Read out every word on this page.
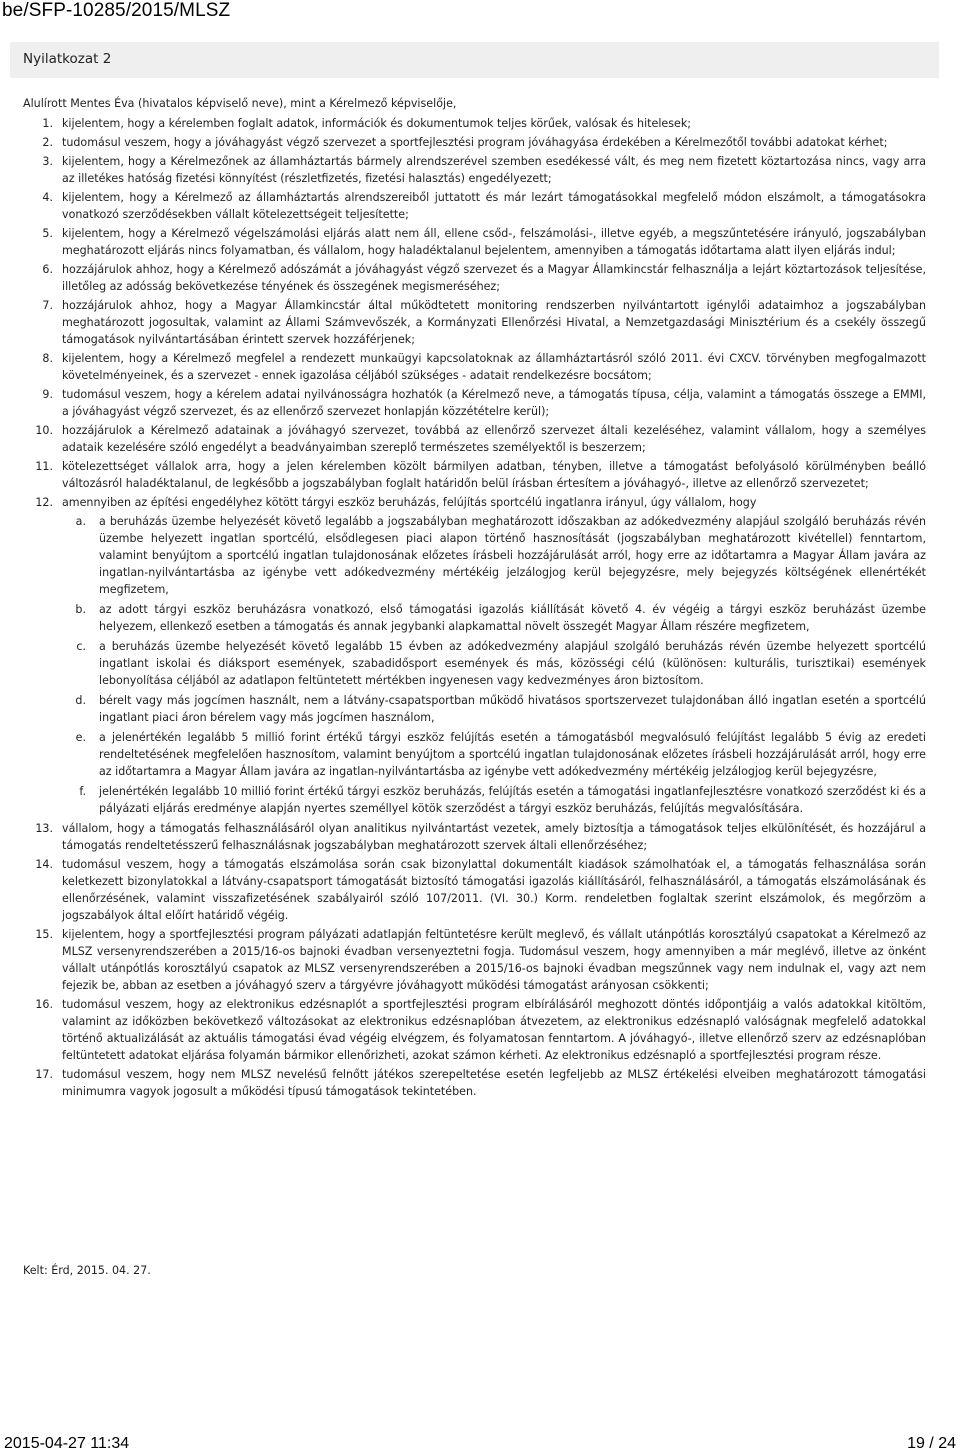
be/SFP-10285/2015/MLSZ
Nyilatkozat 2

Alulírott Mentes Éva (hivatalos képviselő neve), mint a Kérelmező képviselője,

1. kijelentem, hogy a kérelemben foglalt adatok, információk és dokumentumok teljes körűek, valósak és hitelesek;
2. tudomásul veszem, hogy a jóváhagyást végző szervezet a sportfejlesztési program jóváhagyása érdekében a Kérelmezőtől további adatokat kérhet;
3. kijelentem, hogy a Kérelmezőnek az államháztartás bármely alrendszerével szemben esedékessé vált, és meg nem fizetett köztartozása nincs, vagy arra az illetékes hatóság fizetési könnyítést (részletfizetés, fizetési halasztás) engedélyezett;
4. kijelentem, hogy a Kérelmező az államháztartás alrendszereiből juttatott és már lezárt támogatásokkal megfelelő módon elszámolt, a támogatásokra vonatkozó szerződésekben vállalt kötelezettségeit teljesítette;
5. kijelentem, hogy a Kérelmező végelszámolási eljárás alatt nem áll, ellene csőd-, felszámolási-, illetve egyéb, a megszűntetésére irányuló, jogszabályban meghatározott eljárás nincs folyamatban, és vállalom, hogy haladéktalanul bejelentem, amennyiben a támogatás időtartama alatt ilyen eljárás indul;
6. hozzájárulok ahhoz, hogy a Kérelmező adószámát a jóváhagyást végző szervezet és a Magyar Államkincstár felhasználja a lejárt köztartozások teljesítése, illetőleg az adósság bekövetkezése tényének és összegének megismeréséhez;
7. hozzájárulok ahhoz, hogy a Magyar Államkincstár által működtetett monitoring rendszerben nyilvántartott igénylői adataimhoz a jogszabályban meghatározott jogosultak, valamint az Állami Számvevőszék, a Kormányzati Ellenőrzési Hivatal, a Nemzetgazdasági Minisztérium és a csekély összegű támogatások nyilvántartásában érintett szervek hozzáférjenek;
8. kijelentem, hogy a Kérelmező megfelel a rendezett munkaügyi kapcsolatoknak az államháztartásról szóló 2011. évi CXCV. törvényben megfogalmazott követelményeinek, és a szervezet - ennek igazolása céljából szükséges - adatait rendelkezésre bocsátom;
9. tudomásul veszem, hogy a kérelem adatai nyilvánosságra hozhatók (a Kérelmező neve, a támogatás típusa, célja, valamint a támogatás összege a EMMI, a jóváhagyást végző szervezet, és az ellenőrző szervezet honlapján közzétételre kerül);
10. hozzájárulok a Kérelmező adatainak a jóváhagyó szervezet, továbbá az ellenőrző szervezet általi kezeléséhez, valamint vállalom, hogy a személyes adataik kezelésére szóló engedélyt a beadványaimban szereplő természetes személyektől is beszerzem;
11. kötelezettséget vállalok arra, hogy a jelen kérelemben közölt bármilyen adatban, tényben, illetve a támogatást befolyásoló körülményben beálló változásról haladéktalanul, de legkésőbb a jogszabályban foglalt határidőn belül írásban értesítem a jóváhagyó-, illetve az ellenőrző szervezetet;
12. amennyiben az építési engedélyhez kötött tárgyi eszköz beruházás, felújítás sportcélú ingatlanra irányul, úgy vállalom, hogy
a. a beruházás üzembe helyezését követő legalább a jogszabályban meghatározott időszakban az adókedvezmény alapjául szolgáló beruházás révén üzembe helyezett ingatlan sportcélú, elsődlegesen piaci alapon történő hasznosítását (jogszabályban meghatározott kivétellel) fenntartom, valamint benyújtom a sportcélú ingatlan tulajdonosának előzetes írásbeli hozzájárulását arról, hogy erre az időtartamra a Magyar Állam javára az ingatlan-nyilvántartásba az igénybe vett adókedvezmény mértékéig jelzálogjog kerül bejegyzésre, mely bejegyzés költségének ellenértékét megfizetem,
b. az adott tárgyi eszköz beruházásra vonatkozó, első támogatási igazolás kiállítását követő 4. év végéig a tárgyi eszköz beruházást üzembe helyezem, ellenkező esetben a támogatás és annak jegybanki alapkamattal növelt összegét Magyar Állam részére megfizetem,
c. a beruházás üzembe helyezését követő legalább 15 évben az adókedvezmény alapjául szolgáló beruházás révén üzembe helyezett sportcélú ingatlant iskolai és diáksport események, szabadidősport események és más, közösségi célú (különösen: kulturális, turisztikai) események lebonyolítása céljából az adatlapon feltüntetett mértékben ingyenesen vagy kedvezményes áron biztosítom.
d. bérelt vagy más jogcímen használt, nem a látvány-csapatsportban működő hivatásos sportszervezet tulajdonában álló ingatlan esetén a sportcélú ingatlant piaci áron bérelem vagy más jogcímen használom,
e. a jelenértékén legalább 5 millió forint értékű tárgyi eszköz felújítás esetén a támogatásból megvalósuló felújítást legalább 5 évig az eredeti rendeltetésének megfelelően hasznosítom, valamint benyújtom a sportcélú ingatlan tulajdonosának előzetes írásbeli hozzájárulását arról, hogy erre az időtartamra a Magyar Állam javára az ingatlan-nyilvántartásba az igénybe vett adókedvezmény mértékéig jelzálogjog kerül bejegyzésre,
f. jelenértékén legalább 10 millió forint értékű tárgyi eszköz beruházás, felújítás esetén a támogatási ingatlanfejlesztésre vonatkozó szerződést ki és a pályázati eljárás eredménye alapján nyertes személlyel kötök szerződést a tárgyi eszköz beruházás, felújítás megvalósítására.
13. vállalom, hogy a támogatás felhasználásáról olyan analitikus nyilvántartást vezetek, amely biztosítja a támogatások teljes elkülönítését, és hozzájárul a támogatás rendeltetésszerű felhasználásnak jogszabályban meghatározott szervek általi ellenőrzéséhez;
14. tudomásul veszem, hogy a támogatás elszámolása során csak bizonylattal dokumentált kiadások számolhatóak el, a támogatás felhasználása során keletkezett bizonylatokkal a látvány-csapatsport támogatását biztosító támogatási igazolás kiállításáról, felhasználásáról, a támogatás elszámolásának és ellenőrzésének, valamint visszafizetésének szabályairól szóló 107/2011. (VI. 30.) Korm. rendeletben foglaltak szerint elszámolok, és megőrzöm a jogszabályok által előírt határidő végéig.
15. kijelentem, hogy a sportfejlesztési program pályázati adatlapján feltüntetésre került meglevő, és vállalt utánpótlás korosztályú csapatokat a Kérelmező az MLSZ versenyrendszerében a 2015/16-os bajnoki évadban versenyeztetni fogja. Tudomásul veszem, hogy amennyiben a már meglévő, illetve az önként vállalt utánpótlás korosztályú csapatok az MLSZ versenyrendszerében a 2015/16-os bajnoki évadban megszűnnek vagy nem indulnak el, vagy azt nem fejezik be, abban az esetben a jóváhagyó szerv a tárgyévre jóváhagyott működési támogatást arányosan csökkenti;
16. tudomásul veszem, hogy az elektronikus edzésnaplót a sportfejlesztési program elbírálásáról meghozott döntés időpontjáig a valós adatokkal kitöltöm, valamint az időközben bekövetkező változásokat az elektronikus edzésnaplóban átvezetem, az elektronikus edzésnapló valóságnak megfelelő adatokkal történő aktualizálását az aktuális támogatási évad végéig elvégzem, és folyamatosan fenntartom. A jóváhagyó-, illetve ellenőrző szerv az edzésnaplóban feltüntetett adatokat eljárása folyamán bármikor ellenőrizheti, azokat számon kérheti. Az elektronikus edzésnapló a sportfejlesztési program része.
17. tudomásul veszem, hogy nem MLSZ nevelésű felnőtt játékos szerepeltetése esetén legfeljebb az MLSZ értékelési elveiben meghatározott támogatási minimumra vagyok jogosult a működési típusú támogatások tekintetében.
Kelt: Érd, 2015. 04. 27.
2015-04-27 11:34	19 / 24
